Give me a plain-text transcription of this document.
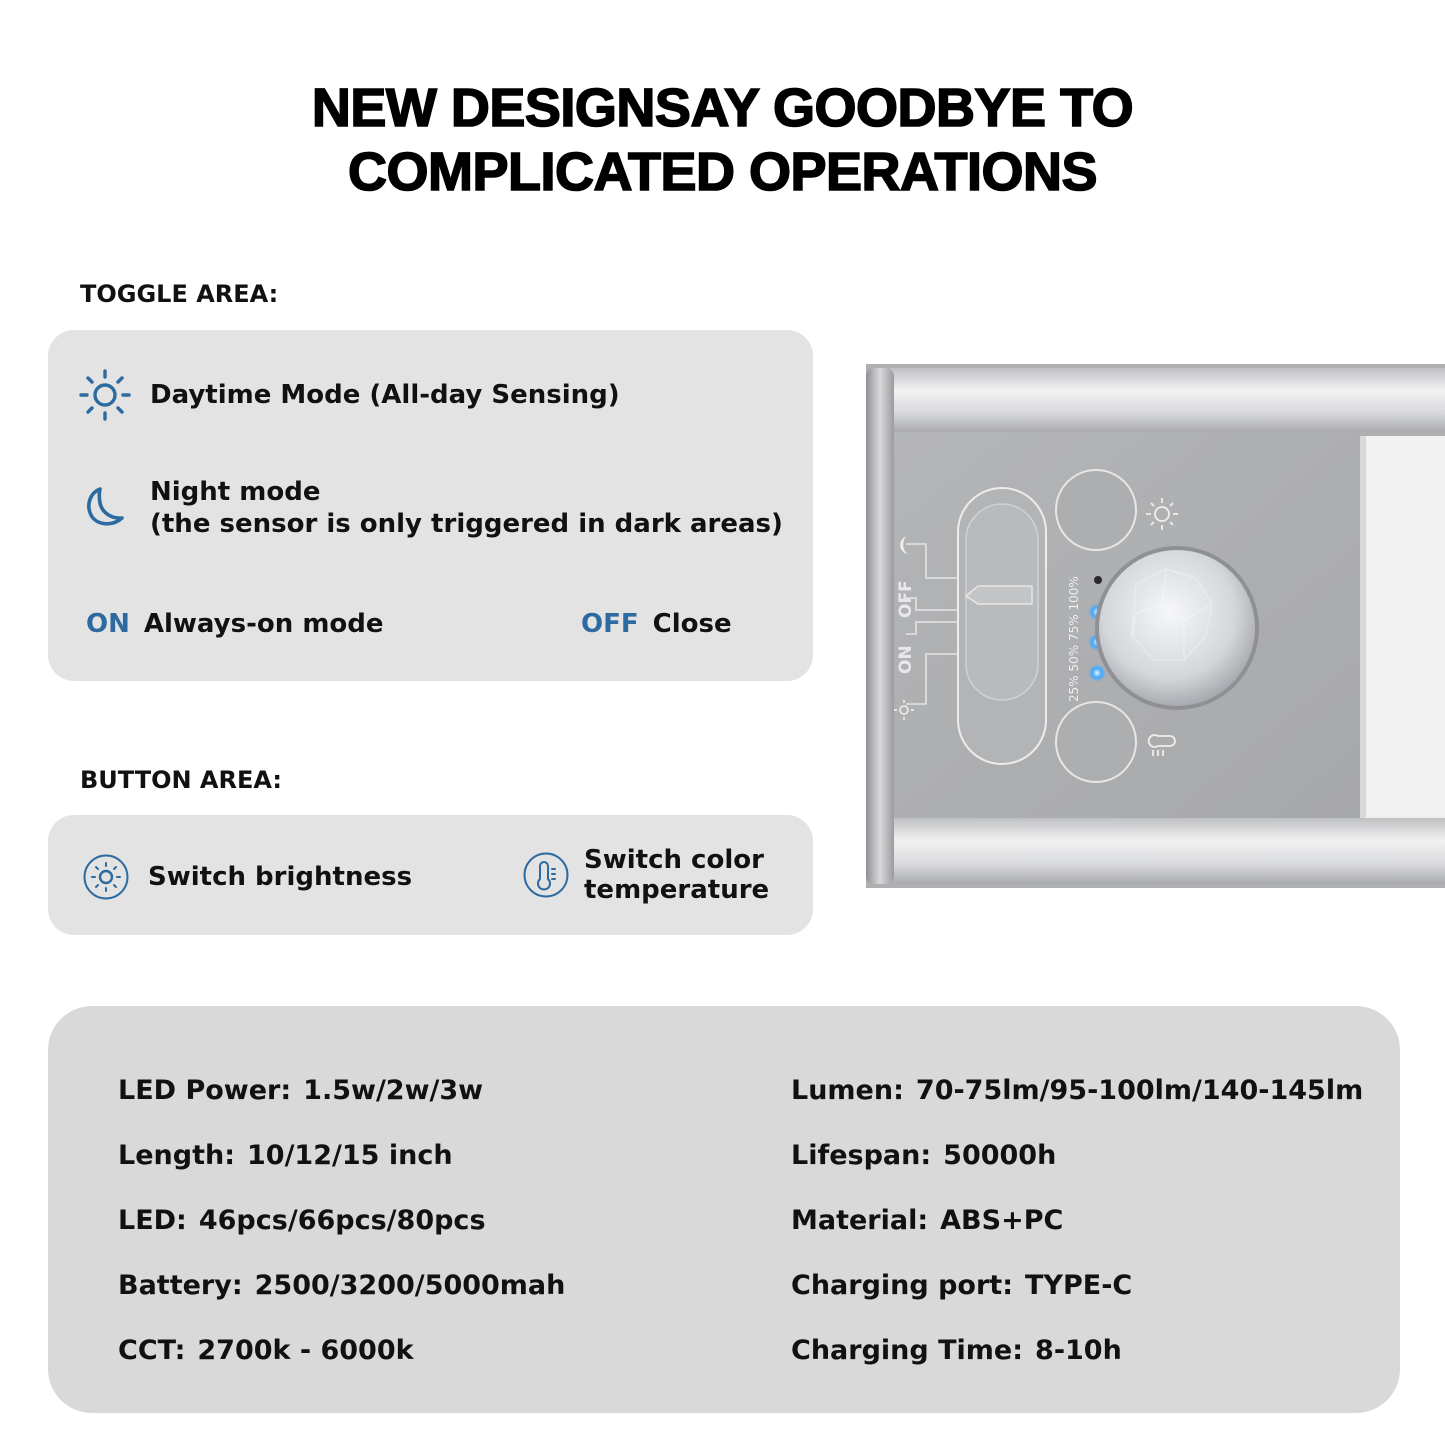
NEW DESIGNSAY GOODBYE TO
COMPLICATED OPERATIONS
TOGGLE AREA:
Daytime Mode (All-day Sensing)
Night mode
(the sensor is only triggered in dark areas)
ON Always-on mode	OFF Close
BUTTON AREA:
Switch brightness
Switch color
temperature
ON
OFF	25% 50% 75% 100%
LED Power: 1.5w/2w/3w
Length: 10/12/15 inch
LED: 46pcs/66pcs/80pcs
Battery: 2500/3200/5000mah
CCT: 2700k - 6000k
Lumen: 70-75lm/95-100lm/140-145lm
Lifespan: 50000h
Material: ABS+PC
Charging port: TYPE-C
Charging Time: 8-10h
